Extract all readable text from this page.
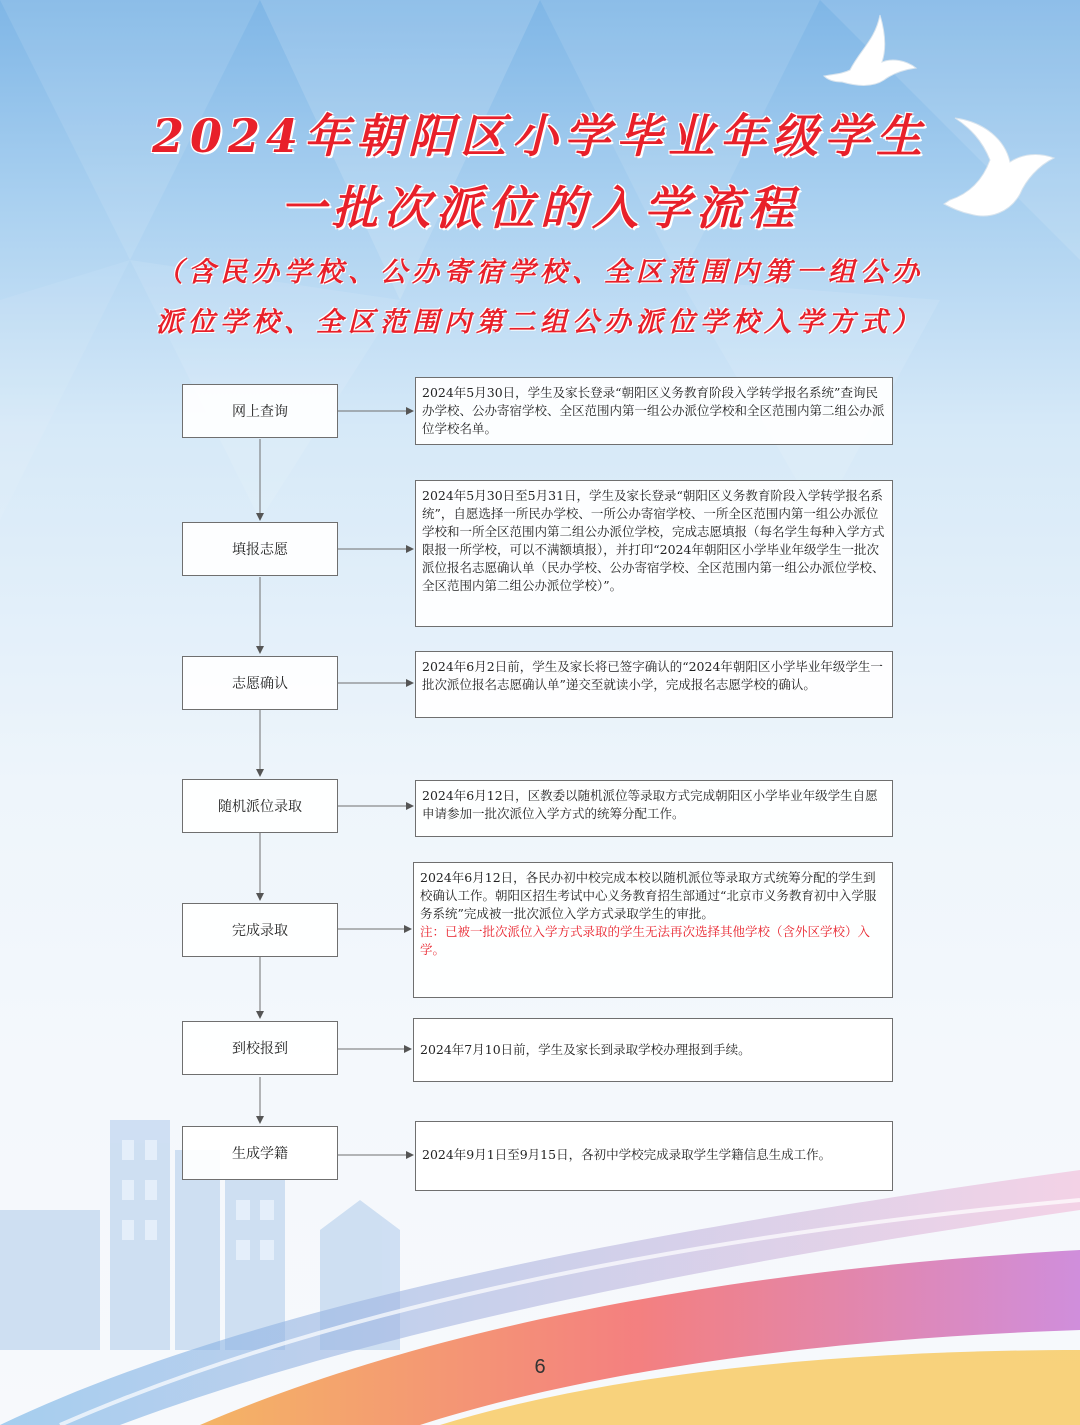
2024年朝阳区小学毕业年级学生
一批次派位的入学流程
（含民办学校、公办寄宿学校、全区范围内第一组公办
派位学校、全区范围内第二组公办派位学校入学方式）
网上查询
填报志愿
志愿确认
随机派位录取
完成录取
到校报到
生成学籍

2024年5月30日，学生及家长登录“朝阳区义务教育阶段入学转学报名系统”查询民办学校、公办寄宿学校、全区范围内第一组公办派位学校和全区范围内第二组公办派位学校名单。

2024年5月30日至5月31日，学生及家长登录“朝阳区义务教育阶段入学转学报名系统”，自愿选择一所民办学校、一所公办寄宿学校、一所全区范围内第一组公办派位学校和一所全区范围内第二组公办派位学校，完成志愿填报（每名学生每种入学方式限报一所学校，可以不满额填报），并打印“2024年朝阳区小学毕业年级学生一批次派位报名志愿确认单（民办学校、公办寄宿学校、全区范围内第一组公办派位学校、全区范围内第二组公办派位学校）”。

2024年6月2日前，学生及家长将已签字确认的“2024年朝阳区小学毕业年级学生一批次派位报名志愿确认单”递交至就读小学，完成报名志愿学校的确认。

2024年6月12日，区教委以随机派位等录取方式完成朝阳区小学毕业年级学生自愿申请参加一批次派位入学方式的统筹分配工作。

2024年6月12日，各民办初中校完成本校以随机派位等录取方式统筹分配的学生到校确认工作。朝阳区招生考试中心义务教育招生部通过“北京市义务教育初中入学服务系统”完成被一批次派位入学方式录取学生的审批。

注：已被一批次派位入学方式录取的学生无法再次选择其他学校（含外区学校）入学。

2024年7月10日前，学生及家长到录取学校办理报到手续。

2024年9月1日至9月15日，各初中学校完成录取学生学籍信息生成工作。

6
